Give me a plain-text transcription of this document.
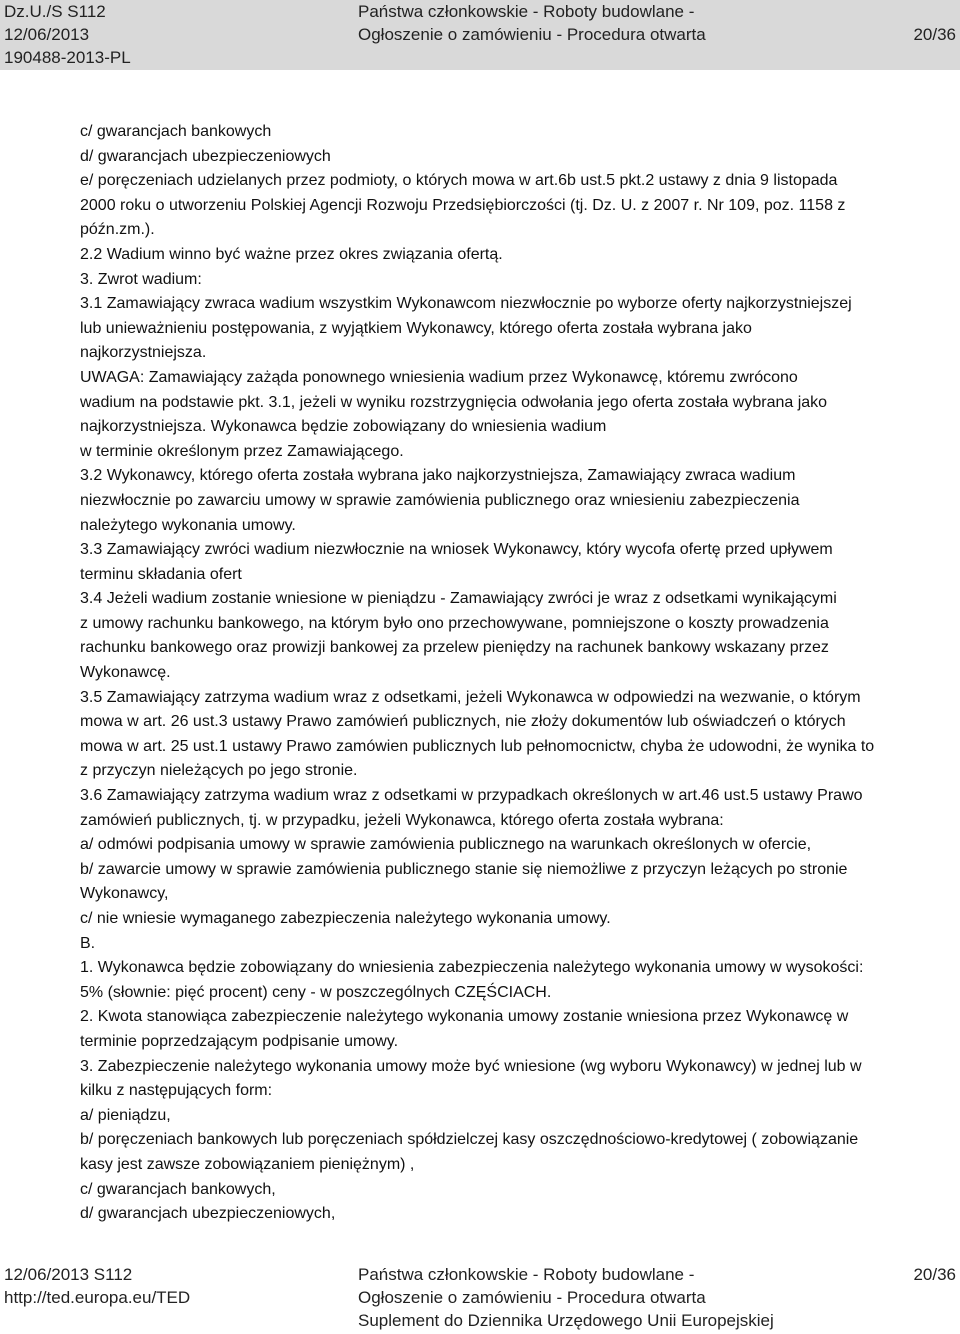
Dz.U./S S112
12/06/2013
190488-2013-PL
Państwa członkowskie - Roboty budowlane -
Ogłoszenie o zamówieniu - Procedura otwarta	20/36
c/ gwarancjach bankowych
d/ gwarancjach ubezpieczeniowych
e/ poręczeniach udzielanych przez podmioty, o których mowa w art.6b ust.5 pkt.2 ustawy z dnia 9 listopada
2000 roku o utworzeniu Polskiej Agencji Rozwoju Przedsiębiorczości (tj. Dz. U. z 2007 r. Nr 109, poz. 1158 z
późn.zm.).
2.2 Wadium winno być ważne przez okres związania ofertą.
3. Zwrot wadium:
3.1 Zamawiający zwraca wadium wszystkim Wykonawcom niezwłocznie po wyborze oferty najkorzystniejszej
lub unieważnieniu postępowania, z wyjątkiem Wykonawcy, którego oferta została wybrana jako
najkorzystniejsza.
UWAGA: Zamawiający zażąda ponownego wniesienia wadium przez Wykonawcę, któremu zwrócono
wadium na podstawie pkt. 3.1, jeżeli w wyniku rozstrzygnięcia odwołania jego oferta została wybrana jako
najkorzystniejsza. Wykonawca będzie zobowiązany do wniesienia wadium
w terminie określonym przez Zamawiającego.
3.2 Wykonawcy, którego oferta została wybrana jako najkorzystniejsza, Zamawiający zwraca wadium
niezwłocznie po zawarciu umowy w sprawie zamówienia publicznego oraz wniesieniu zabezpieczenia
należytego wykonania umowy.
3.3 Zamawiający zwróci wadium niezwłocznie na wniosek Wykonawcy, który wycofa ofertę przed upływem
terminu składania ofert
3.4 Jeżeli wadium zostanie wniesione w pieniądzu - Zamawiający zwróci je wraz z odsetkami wynikającymi
z umowy rachunku bankowego, na którym było ono przechowywane, pomniejszone o koszty prowadzenia
rachunku bankowego oraz prowizji bankowej za przelew pieniędzy na rachunek bankowy wskazany przez
Wykonawcę.
3.5 Zamawiający zatrzyma wadium wraz z odsetkami, jeżeli Wykonawca w odpowiedzi na wezwanie, o którym
mowa w art. 26 ust.3 ustawy Prawo zamówień publicznych, nie złoży dokumentów lub oświadczeń o których
mowa w art. 25 ust.1 ustawy Prawo zamówien publicznych lub pełnomocnictw, chyba że udowodni, że wynika to
z przyczyn nieleżących po jego stronie.
3.6 Zamawiający zatrzyma wadium wraz z odsetkami w przypadkach określonych w art.46 ust.5 ustawy Prawo
zamówień publicznych, tj. w przypadku, jeżeli Wykonawca, którego oferta została wybrana:
a/ odmówi podpisania umowy w sprawie zamówienia publicznego na warunkach określonych w ofercie,
b/ zawarcie umowy w sprawie zamówienia publicznego stanie się niemożliwe z przyczyn leżących po stronie
Wykonawcy,
c/ nie wniesie wymaganego zabezpieczenia należytego wykonania umowy.
B.
1. Wykonawca będzie zobowiązany do wniesienia zabezpieczenia należytego wykonania umowy w wysokości:
5% (słownie: pięć procent) ceny - w poszczególnych CZĘŚCIACH.
2. Kwota stanowiąca zabezpieczenie należytego wykonania umowy zostanie wniesiona przez Wykonawcę w
terminie poprzedzającym podpisanie umowy.
3. Zabezpieczenie należytego wykonania umowy może być wniesione (wg wyboru Wykonawcy) w jednej lub w
kilku z następujących form:
a/ pieniądzu,
b/ poręczeniach bankowych lub poręczeniach spółdzielczej kasy oszczędnościowo-kredytowej ( zobowiązanie
kasy jest zawsze zobowiązaniem pieniężnym) ,
c/ gwarancjach bankowych,
d/ gwarancjach ubezpieczeniowych,
12/06/2013 S112
http://ted.europa.eu/TED
Państwa członkowskie - Roboty budowlane -
Ogłoszenie o zamówieniu - Procedura otwarta
Suplement do Dziennika Urzędowego Unii Europejskiej
20/36
